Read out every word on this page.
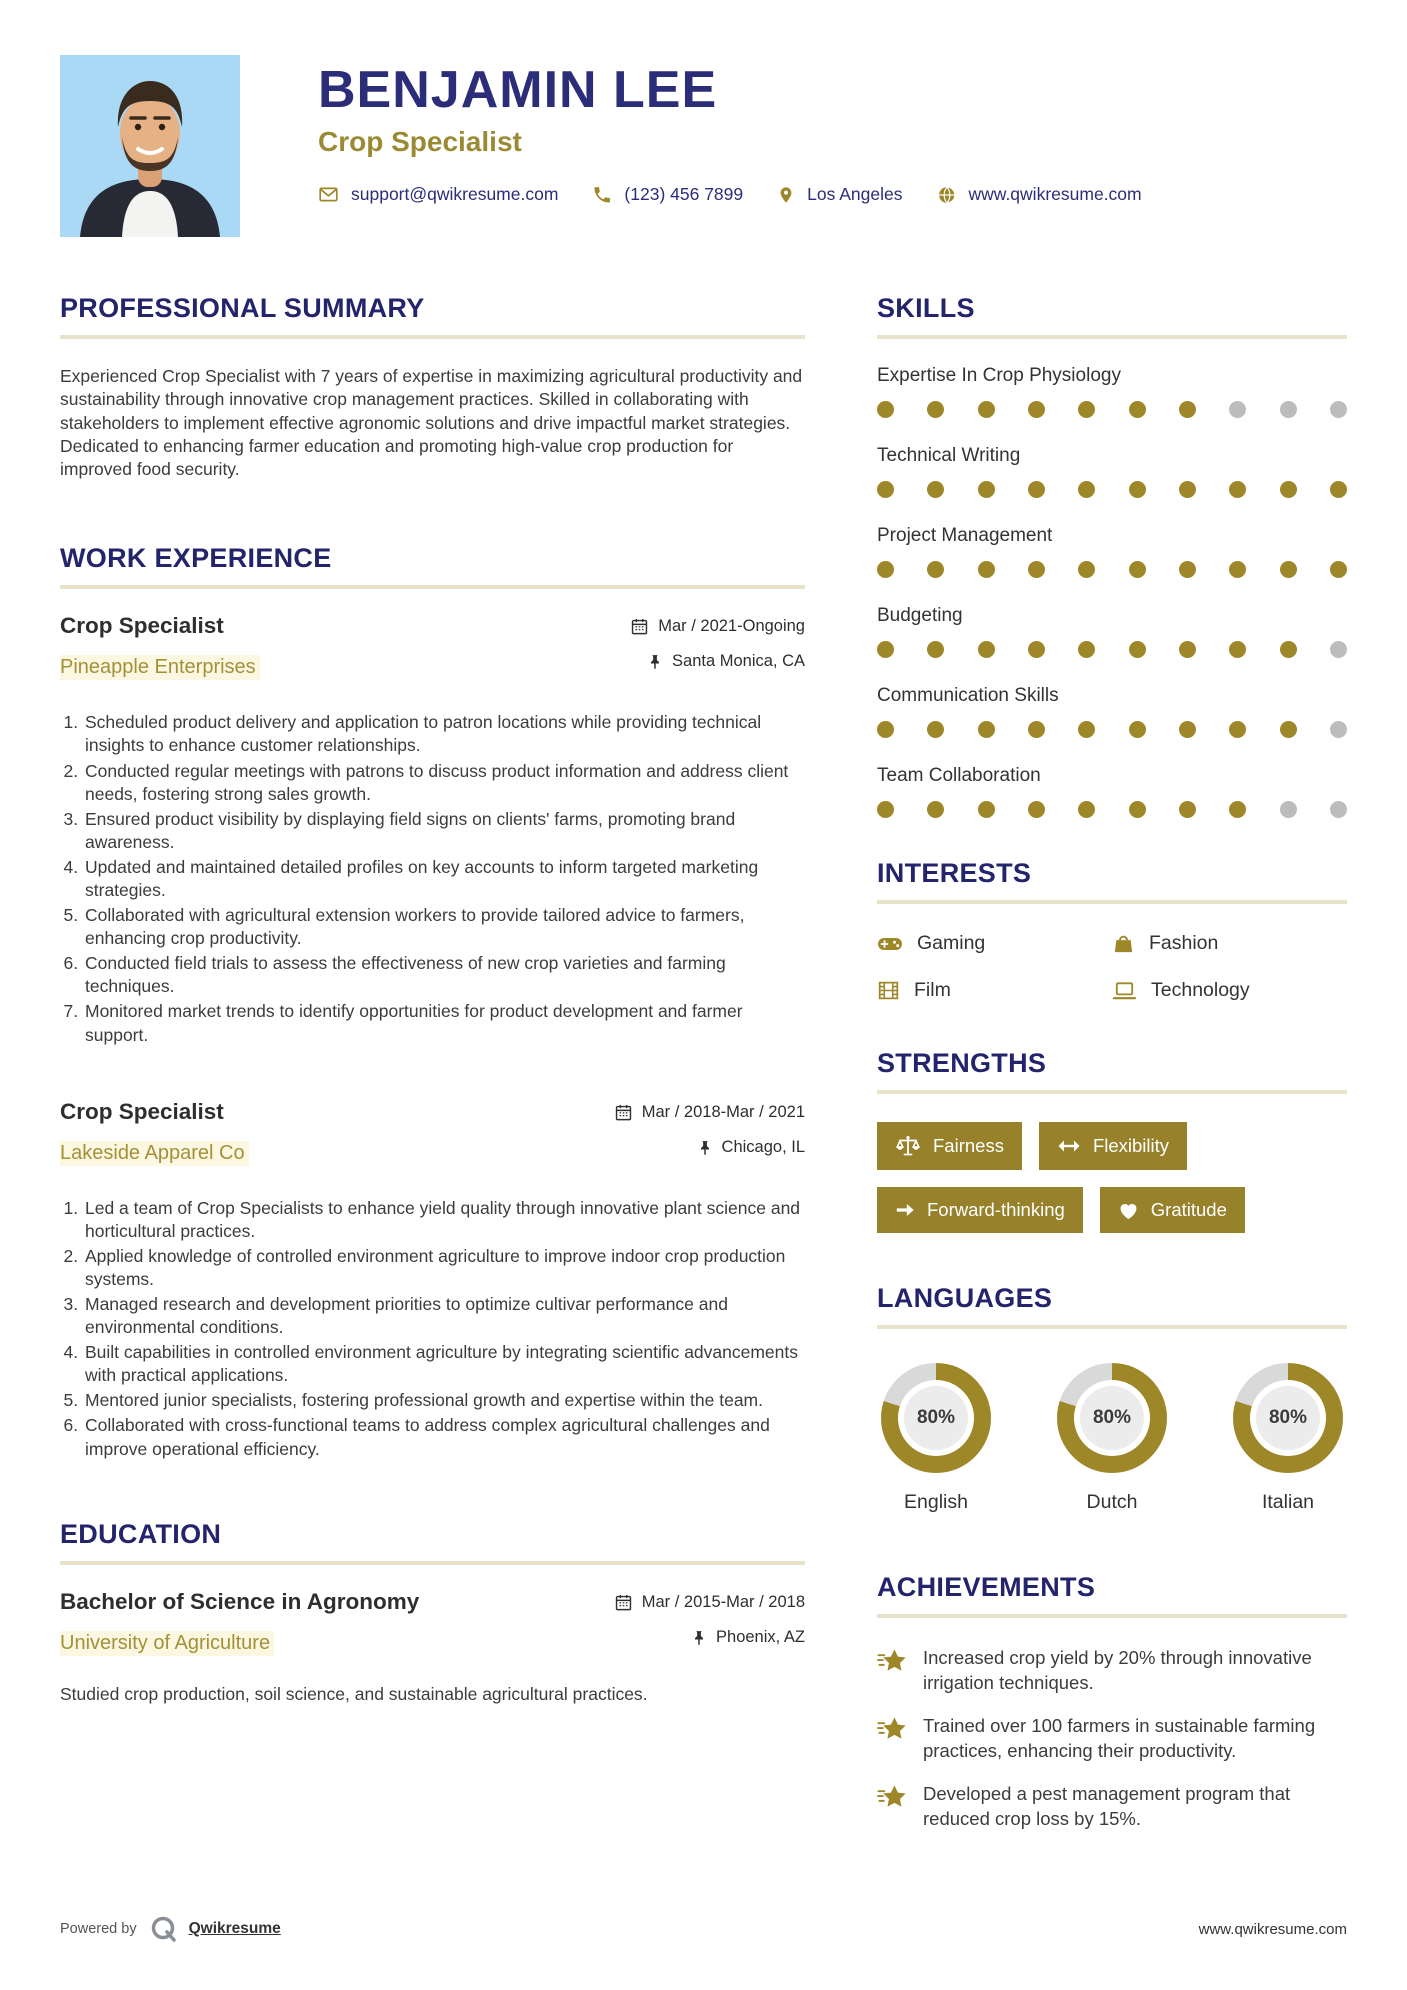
BENJAMIN LEE
Crop Specialist
support@qwikresume.com	(123) 456 7899	Los Angeles	www.qwikresume.com
PROFESSIONAL SUMMARY

Experienced Crop Specialist with 7 years of expertise in maximizing agricultural productivity and sustainability through innovative crop management practices. Skilled in collaborating with stakeholders to implement effective agronomic solutions and drive impactful market strategies. Dedicated to enhancing farmer education and promoting high-value crop production for improved food security.

WORK EXPERIENCE
Crop Specialist
Pineapple Enterprises
Mar / 2021-Ongoing
Santa Monica, CA
1. Scheduled product delivery and application to patron locations while providing technical insights to enhance customer relationships.
2. Conducted regular meetings with patrons to discuss product information and address client needs, fostering strong sales growth.
3. Ensured product visibility by displaying field signs on clients' farms, promoting brand awareness.
4. Updated and maintained detailed profiles on key accounts to inform targeted marketing strategies.
5. Collaborated with agricultural extension workers to provide tailored advice to farmers, enhancing crop productivity.
6. Conducted field trials to assess the effectiveness of new crop varieties and farming techniques.
7. Monitored market trends to identify opportunities for product development and farmer support.
Crop Specialist
Lakeside Apparel Co
Mar / 2018-Mar / 2021
Chicago, IL
1. Led a team of Crop Specialists to enhance yield quality through innovative plant science and horticultural practices.
2. Applied knowledge of controlled environment agriculture to improve indoor crop production systems.
3. Managed research and development priorities to optimize cultivar performance and environmental conditions.
4. Built capabilities in controlled environment agriculture by integrating scientific advancements with practical applications.
5. Mentored junior specialists, fostering professional growth and expertise within the team.
6. Collaborated with cross-functional teams to address complex agricultural challenges and improve operational efficiency.
EDUCATION
Bachelor of Science in Agronomy
University of Agriculture
Mar / 2015-Mar / 2018
Phoenix, AZ

Studied crop production, soil science, and sustainable agricultural practices.

SKILLS
Expertise In Crop Physiology
Technical Writing
Project Management
Budgeting
Communication Skills
Team Collaboration
INTERESTS
Gaming	Fashion
Film	Technology
STRENGTHS
Fairness	Flexibility
Forward-thinking	Gratitude
LANGUAGES
80%
English
80%
Dutch
80%
Italian
ACHIEVEMENTS
Increased crop yield by 20% through innovative irrigation techniques.
Trained over 100 farmers in sustainable farming practices, enhancing their productivity.
Developed a pest management program that reduced crop loss by 15%.
Powered by	Qwikresume	www.qwikresume.com
